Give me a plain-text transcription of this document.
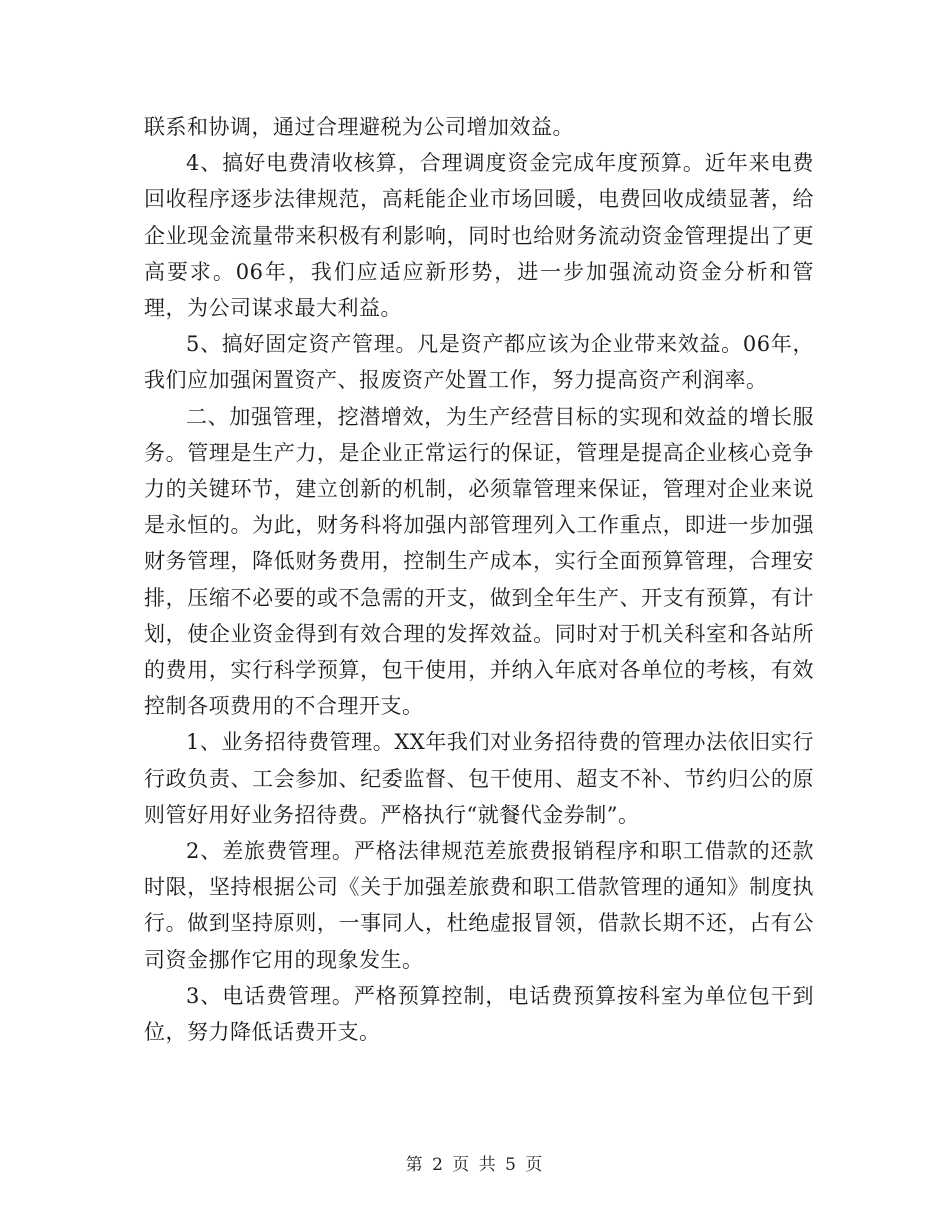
联系和协调，通过合理避税为公司增加效益。

4、搞好电费清收核算，合理调度资金完成年度预算。近年来电费回收程序逐步法律规范，高耗能企业市场回暖，电费回收成绩显著，给企业现金流量带来积极有利影响，同时也给财务流动资金管理提出了更高要求。06年，我们应适应新形势，进一步加强流动资金分析和管理，为公司谋求最大利益。

5、搞好固定资产管理。凡是资产都应该为企业带来效益。06年，我们应加强闲置资产、报废资产处置工作，努力提高资产利润率。

二、加强管理，挖潜增效，为生产经营目标的实现和效益的增长服务。管理是生产力，是企业正常运行的保证，管理是提高企业核心竞争力的关键环节，建立创新的机制，必须靠管理来保证，管理对企业来说是永恒的。为此，财务科将加强内部管理列入工作重点，即进一步加强财务管理，降低财务费用，控制生产成本，实行全面预算管理，合理安排，压缩不必要的或不急需的开支，做到全年生产、开支有预算，有计划，使企业资金得到有效合理的发挥效益。同时对于机关科室和各站所的费用，实行科学预算，包干使用，并纳入年底对各单位的考核，有效控制各项费用的不合理开支。

1、业务招待费管理。XX年我们对业务招待费的管理办法依旧实行行政负责、工会参加、纪委监督、包干使用、超支不补、节约归公的原则管好用好业务招待费。严格执行“就餐代金券制”。

2、差旅费管理。严格法律规范差旅费报销程序和职工借款的还款时限，坚持根据公司《关于加强差旅费和职工借款管理的通知》制度执行。做到坚持原则，一事同人，杜绝虚报冒领，借款长期不还，占有公司资金挪作它用的现象发生。

3、电话费管理。严格预算控制，电话费预算按科室为单位包干到位，努力降低话费开支。

第 2 页 共 5 页
